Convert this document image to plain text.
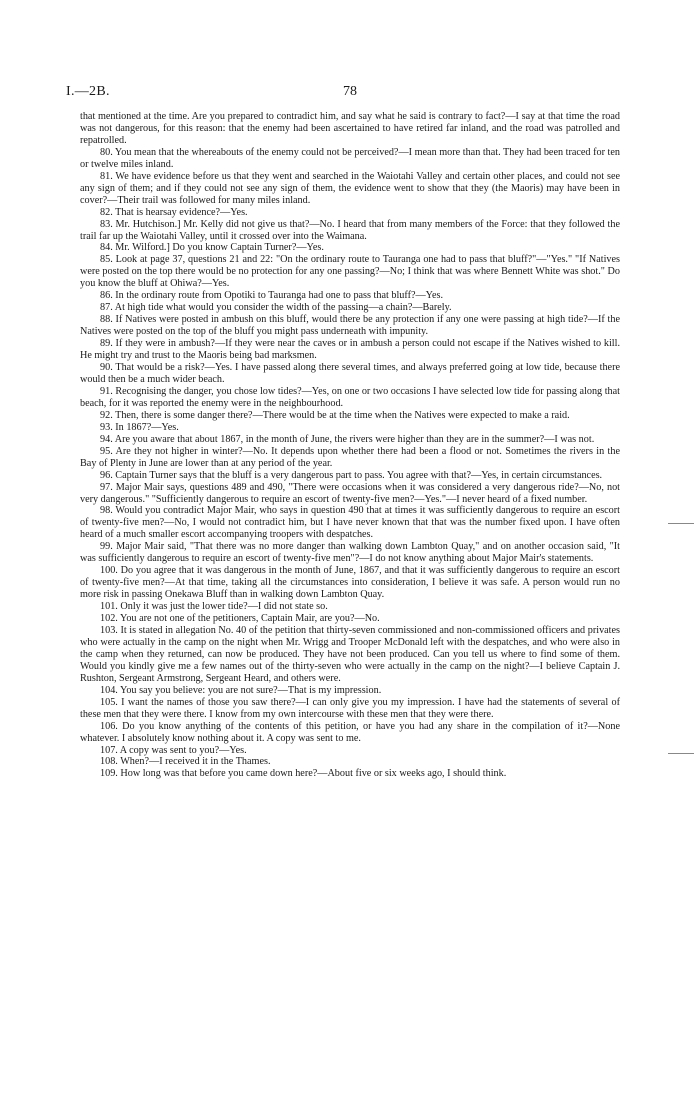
I.—2B.	78

that mentioned at the time. Are you prepared to contradict him, and say what he said is contrary to fact?—I say at that time the road was not dangerous, for this reason: that the enemy had been ascertained to have retired far inland, and the road was patrolled and repatrolled.

80. You mean that the whereabouts of the enemy could not be perceived?—I mean more than that. They had been traced for ten or twelve miles inland.

81. We have evidence before us that they went and searched in the Waiotahi Valley and certain other places, and could not see any sign of them; and if they could not see any sign of them, the evidence went to show that they (the Maoris) may have been in cover?—Their trail was followed for many miles inland.

82. That is hearsay evidence?—Yes.

83. Mr. Hutchison.] Mr. Kelly did not give us that?—No. I heard that from many members of the Force: that they followed the trail far up the Waiotahi Valley, until it crossed over into the Waimana.

84. Mr. Wilford.] Do you know Captain Turner?—Yes.

85. Look at page 37, questions 21 and 22: "On the ordinary route to Tauranga one had to pass that bluff?"—"Yes." "If Natives were posted on the top there would be no protection for any one passing?—No; I think that was where Bennett White was shot." Do you know the bluff at Ohiwa?—Yes.

86. In the ordinary route from Opotiki to Tauranga had one to pass that bluff?—Yes.

87. At high tide what would you consider the width of the passing—a chain?—Barely.

88. If Natives were posted in ambush on this bluff, would there be any protection if any one were passing at high tide?—If the Natives were posted on the top of the bluff you might pass underneath with impunity.

89. If they were in ambush?—If they were near the caves or in ambush a person could not escape if the Natives wished to kill. He might try and trust to the Maoris being bad marksmen.

90. That would be a risk?—Yes. I have passed along there several times, and always preferred going at low tide, because there would then be a much wider beach.

91. Recognising the danger, you chose low tides?—Yes, on one or two occasions I have selected low tide for passing along that beach, for it was reported the enemy were in the neighbourhood.

92. Then, there is some danger there?—There would be at the time when the Natives were expected to make a raid.

93. In 1867?—Yes.

94. Are you aware that about 1867, in the month of June, the rivers were higher than they are in the summer?—I was not.

95. Are they not higher in winter?—No. It depends upon whether there had been a flood or not. Sometimes the rivers in the Bay of Plenty in June are lower than at any period of the year.

96. Captain Turner says that the bluff is a very dangerous part to pass. You agree with that?—Yes, in certain circumstances.

97. Major Mair says, questions 489 and 490, "There were occasions when it was considered a very dangerous ride?—No, not very dangerous." "Sufficiently dangerous to require an escort of twenty-five men?—Yes."—I never heard of a fixed number.

98. Would you contradict Major Mair, who says in question 490 that at times it was sufficiently dangerous to require an escort of twenty-five men?—No, I would not contradict him, but I have never known that that was the number fixed upon. I have often heard of a much smaller escort accompanying troopers with despatches.

99. Major Mair said, "That there was no more danger than walking down Lambton Quay," and on another occasion said, "It was sufficiently dangerous to require an escort of twenty-five men"?—I do not know anything about Major Mair's statements.

100. Do you agree that it was dangerous in the month of June, 1867, and that it was sufficiently dangerous to require an escort of twenty-five men?—At that time, taking all the circumstances into consideration, I believe it was safe. A person would run no more risk in passing Onekawa Bluff than in walking down Lambton Quay.

101. Only it was just the lower tide?—I did not state so.

102. You are not one of the petitioners, Captain Mair, are you?—No.

103. It is stated in allegation No. 40 of the petition that thirty-seven commissioned and non-commissioned officers and privates who were actually in the camp on the night when Mr. Wrigg and Trooper McDonald left with the despatches, and who were also in the camp when they returned, can now be produced. They have not been produced. Can you tell us where to find some of them. Would you kindly give me a few names out of the thirty-seven who were actually in the camp on the night?—I believe Captain J. Rushton, Sergeant Armstrong, Sergeant Heard, and others were.

104. You say you believe: you are not sure?—That is my impression.

105. I want the names of those you saw there?—I can only give you my impression. I have had the statements of several of these men that they were there. I know from my own intercourse with these men that they were there.

106. Do you know anything of the contents of this petition, or have you had any share in the compilation of it?—None whatever. I absolutely know nothing about it. A copy was sent to me.

107. A copy was sent to you?—Yes.

108. When?—I received it in the Thames.

109. How long was that before you came down here?—About five or six weeks ago, I should think.
